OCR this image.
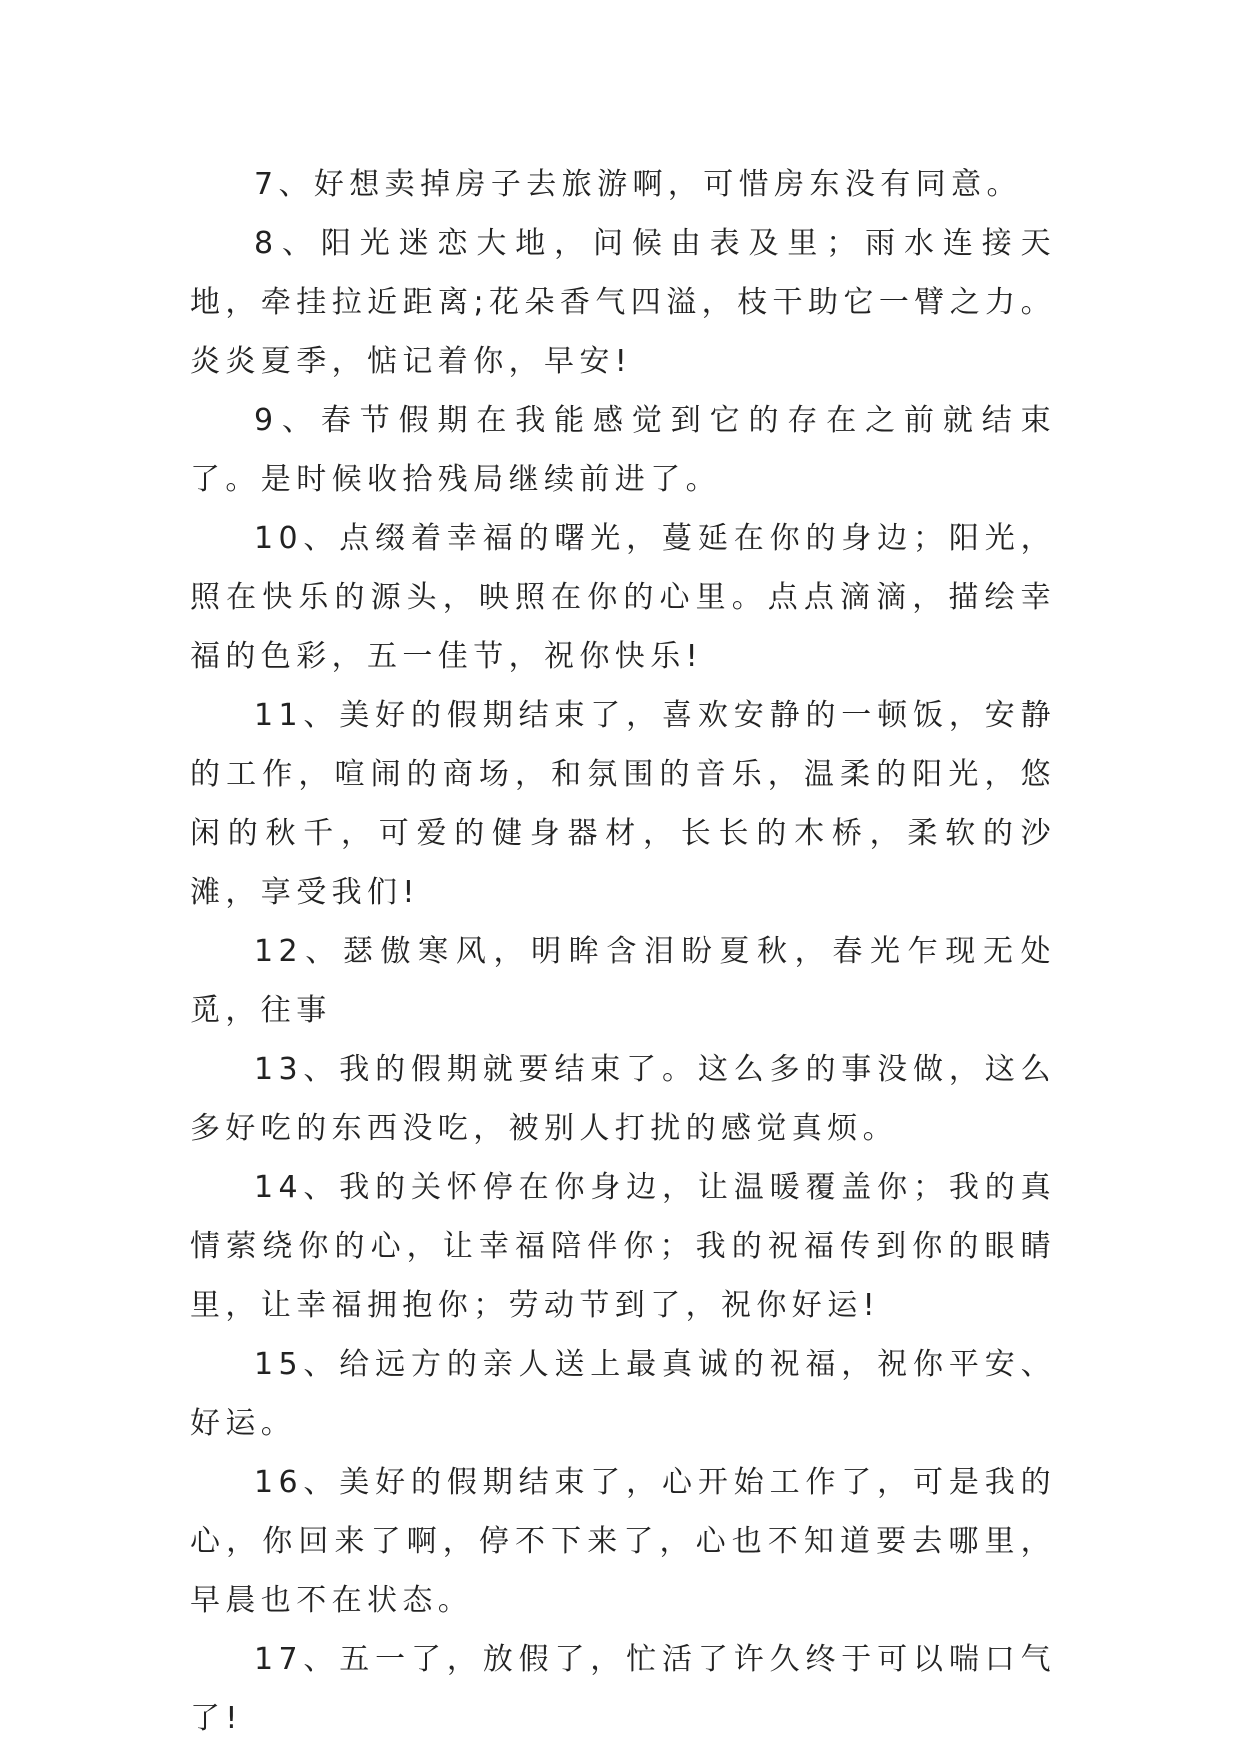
7、好想卖掉房子去旅游啊，可惜房东没有同意。

8、阳光迷恋大地，问候由表及里；雨水连接天地，牵挂拉近距离;花朵香气四溢，枝干助它一臂之力。炎炎夏季，惦记着你，早安!

9、春节假期在我能感觉到它的存在之前就结束了。是时候收拾残局继续前进了。

10、点缀着幸福的曙光，蔓延在你的身边；阳光，照在快乐的源头，映照在你的心里。点点滴滴，描绘幸福的色彩，五一佳节，祝你快乐!

11、美好的假期结束了，喜欢安静的一顿饭，安静的工作，喧闹的商场，和氛围的音乐，温柔的阳光，悠闲的秋千，可爱的健身器材，长长的木桥，柔软的沙滩，享受我们!

12、瑟傲寒风，明眸含泪盼夏秋，春光乍现无处觅，往事

13、我的假期就要结束了。这么多的事没做，这么多好吃的东西没吃，被别人打扰的感觉真烦。

14、我的关怀停在你身边，让温暖覆盖你；我的真情萦绕你的心，让幸福陪伴你；我的祝福传到你的眼睛里，让幸福拥抱你；劳动节到了，祝你好运!

15、给远方的亲人送上最真诚的祝福，祝你平安、好运。

16、美好的假期结束了，心开始工作了，可是我的心，你回来了啊，停不下来了，心也不知道要去哪里，早晨也不在状态。

17、五一了，放假了，忙活了许久终于可以喘口气了!
